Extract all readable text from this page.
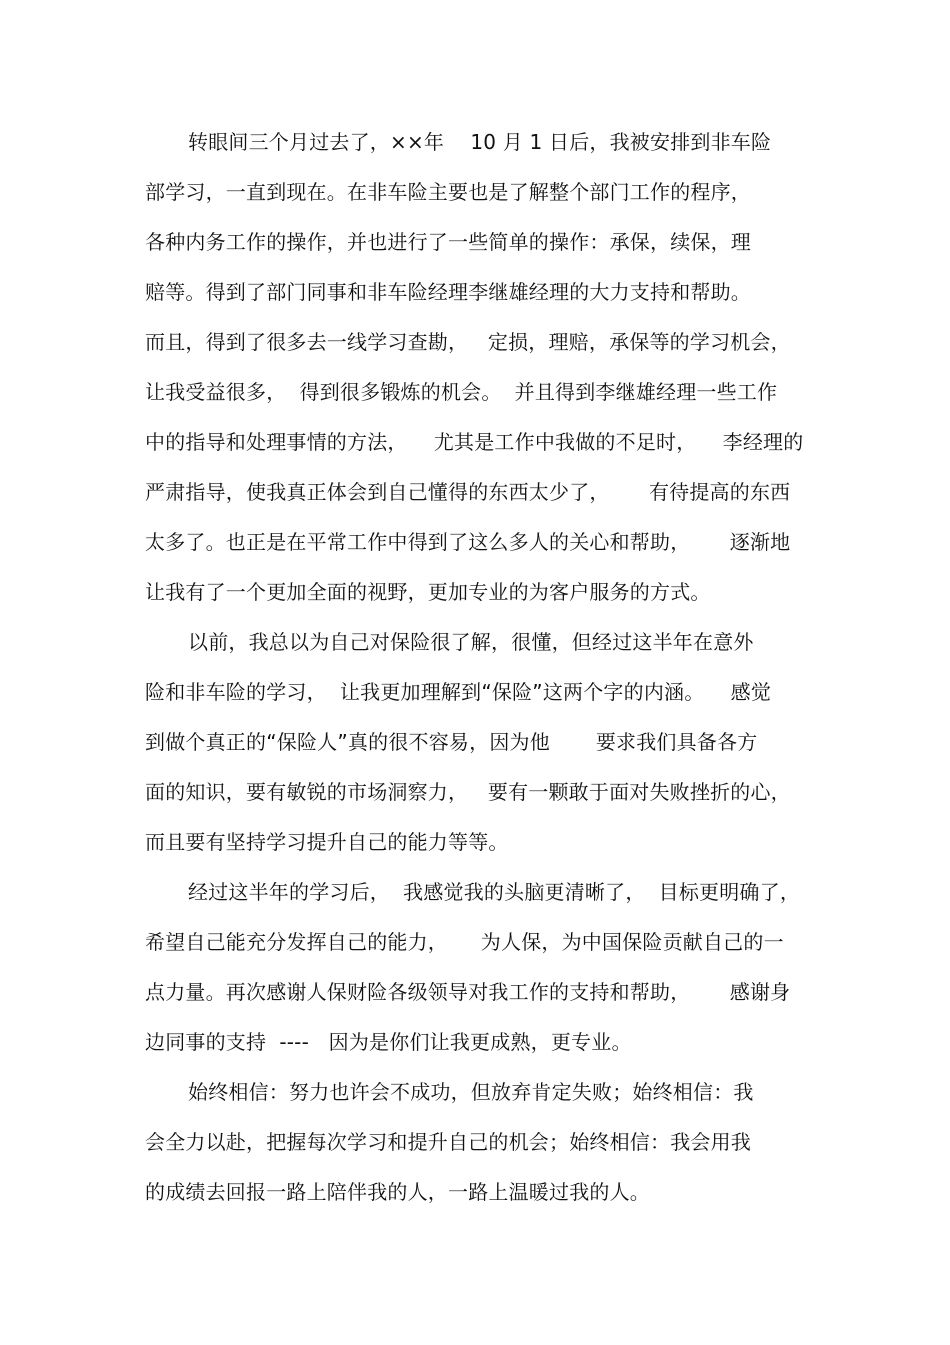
转眼间三个月过去了，××年    10 月 1 日后，我被安排到非车险
部学习，一直到现在。在非车险主要也是了解整个部门工作的程序，
各种内务工作的操作，并也进行了一些简单的操作：承保，续保，理
赔等。得到了部门同事和非车险经理李继雄经理的大力支持和帮助。
而且，得到了很多去一线学习查勘，   定损，理赔，承保等的学习机会，
让我受益很多，  得到很多锻炼的机会。  并且得到李继雄经理一些工作
中的指导和处理事情的方法，    尤其是工作中我做的不足时，    李经理的
严肃指导，使我真正体会到自己懂得的东西太少了，      有待提高的东西
太多了。也正是在平常工作中得到了这么多人的关心和帮助，      逐渐地
让我有了一个更加全面的视野，更加专业的为客户服务的方式。
以前，我总以为自己对保险很了解，很懂，但经过这半年在意外
险和非车险的学习，  让我更加理解到“保险”这两个字的内涵。    感觉
到做个真正的“保险人”真的很不容易，因为他       要求我们具备各方
面的知识，要有敏锐的市场洞察力，   要有一颗敢于面对失败挫折的心，
而且要有坚持学习提升自己的能力等等。
经过这半年的学习后，  我感觉我的头脑更清晰了，  目标更明确了，
希望自己能充分发挥自己的能力，     为人保，为中国保险贡献自己的一
点力量。再次感谢人保财险各级领导对我工作的支持和帮助，      感谢身
边同事的支持  ----   因为是你们让我更成熟，更专业。
始终相信：努力也许会不成功，但放弃肯定失败；始终相信：我
会全力以赴，把握每次学习和提升自己的机会；始终相信：我会用我
的成绩去回报一路上陪伴我的人，一路上温暖过我的人。
